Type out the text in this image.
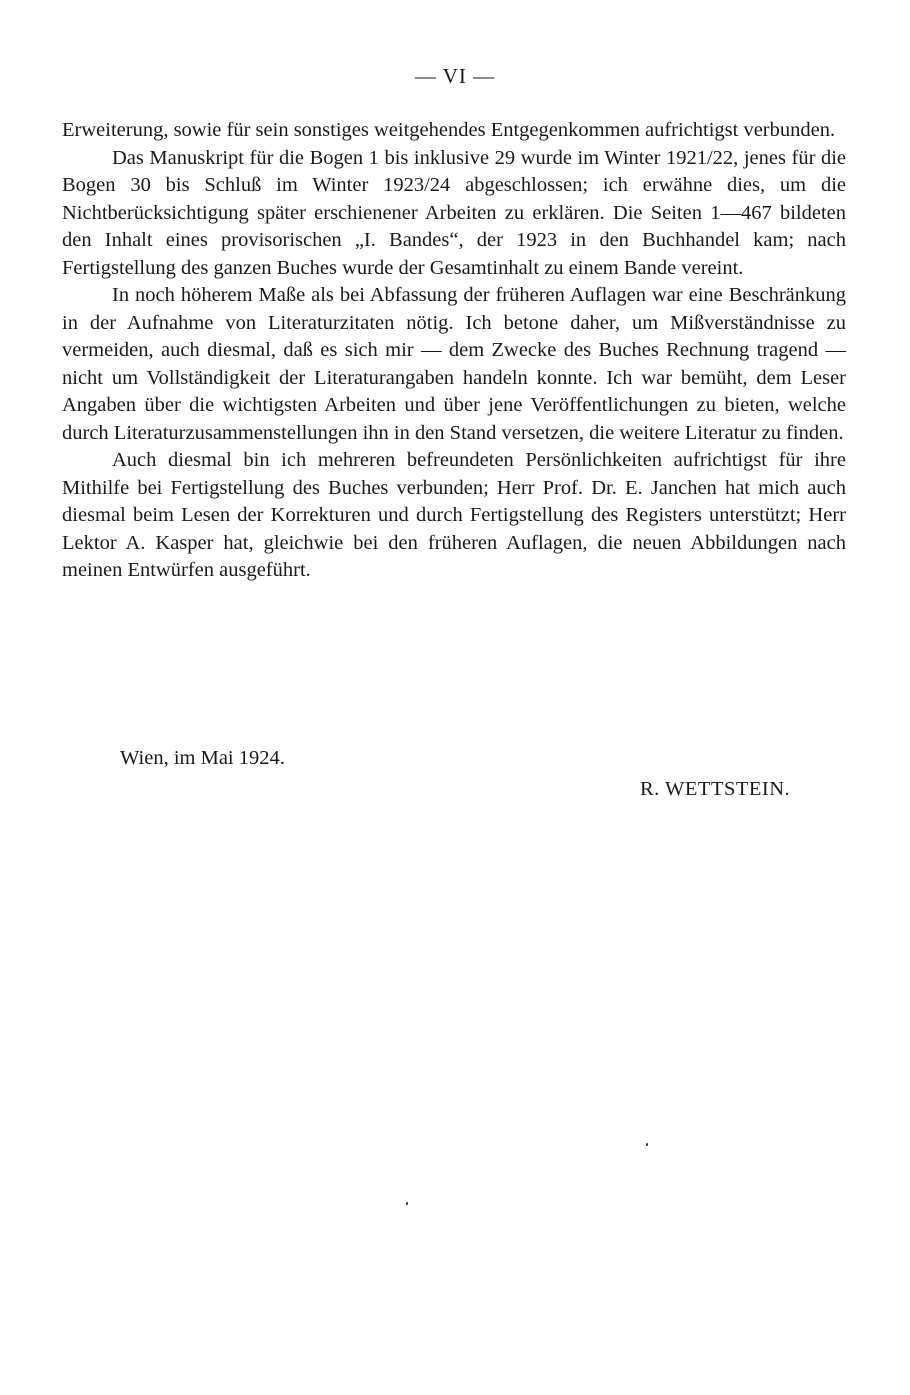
— VI —

Erweiterung, sowie für sein sonstiges weitgehendes Entgegenkommen aufrichtigst verbunden.

Das Manuskript für die Bogen 1 bis inklusive 29 wurde im Winter 1921/22, jenes für die Bogen 30 bis Schluß im Winter 1923/24 abgeschlossen; ich erwähne dies, um die Nichtberücksichtigung später erschienener Arbeiten zu erklären. Die Seiten 1—467 bildeten den Inhalt eines provisorischen „I. Bandes“, der 1923 in den Buchhandel kam; nach Fertigstellung des ganzen Buches wurde der Gesamtinhalt zu einem Bande vereint.

In noch höherem Maße als bei Abfassung der früheren Auflagen war eine Beschränkung in der Aufnahme von Literaturzitaten nötig. Ich betone daher, um Mißverständnisse zu vermeiden, auch diesmal, daß es sich mir — dem Zwecke des Buches Rechnung tragend — nicht um Vollständigkeit der Literaturangaben handeln konnte. Ich war bemüht, dem Leser Angaben über die wichtigsten Arbeiten und über jene Veröffentlichungen zu bieten, welche durch Literaturzusammenstellungen ihn in den Stand versetzen, die weitere Literatur zu finden.

Auch diesmal bin ich mehreren befreundeten Persönlichkeiten aufrichtigst für ihre Mithilfe bei Fertigstellung des Buches verbunden; Herr Prof. Dr. E. Janchen hat mich auch diesmal beim Lesen der Korrekturen und durch Fertigstellung des Registers unterstützt; Herr Lektor A. Kasper hat, gleichwie bei den früheren Auflagen, die neuen Abbildungen nach meinen Entwürfen ausgeführt.

Wien, im Mai 1924.
R. WETTSTEIN.
